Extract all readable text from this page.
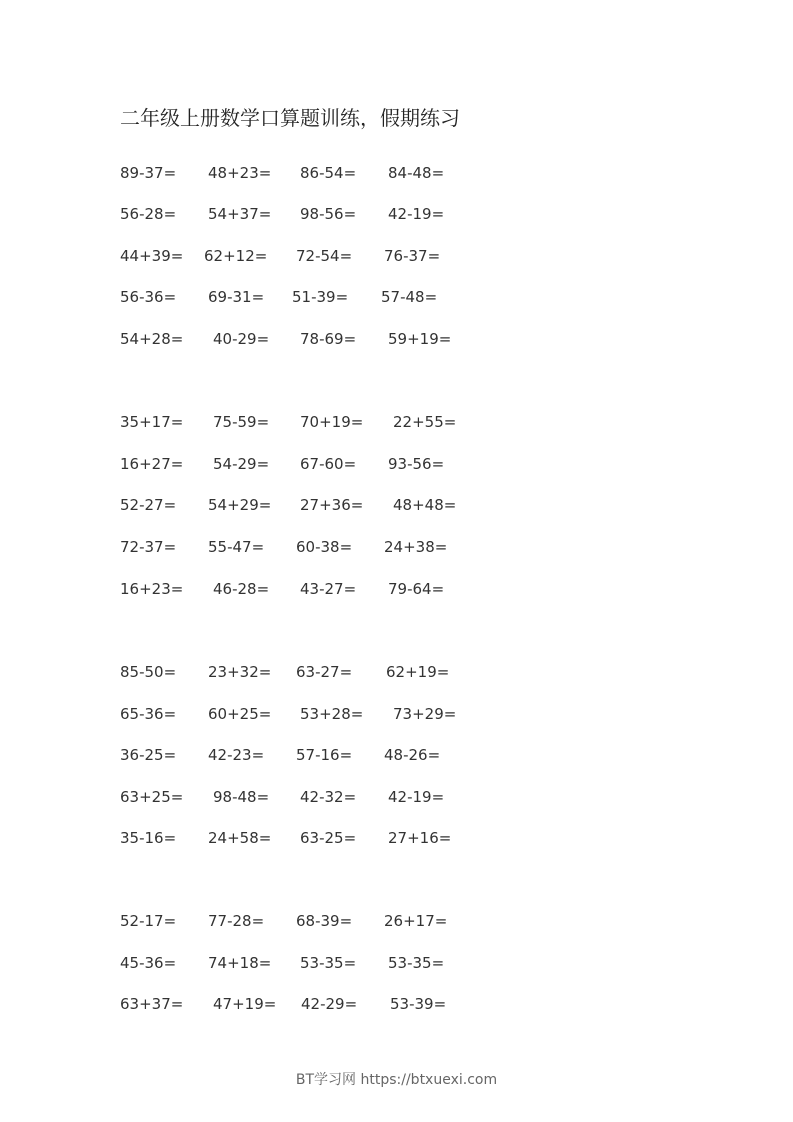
二年级上册数学口算题训练，假期练习
89-37= 48+23= 86-54= 84-48=
56-28= 54+37= 98-56= 42-19=
44+39= 62+12= 72-54= 76-37=
56-36= 69-31= 51-39= 57-48=
54+28= 40-29= 78-69= 59+19=
35+17= 75-59= 70+19= 22+55=
16+27= 54-29= 67-60= 93-56=
52-27= 54+29= 27+36= 48+48=
72-37= 55-47= 60-38= 24+38=
16+23= 46-28= 43-27= 79-64=
85-50= 23+32= 63-27= 62+19=
65-36= 60+25= 53+28= 73+29=
36-25= 42-23= 57-16= 48-26=
63+25= 98-48= 42-32= 42-19=
35-16= 24+58= 63-25= 27+16=
52-17= 77-28= 68-39= 26+17=
45-36= 74+18= 53-35= 53-35=
63+37= 47+19= 42-29= 53-39=
BT学习网 https://btxuexi.com
